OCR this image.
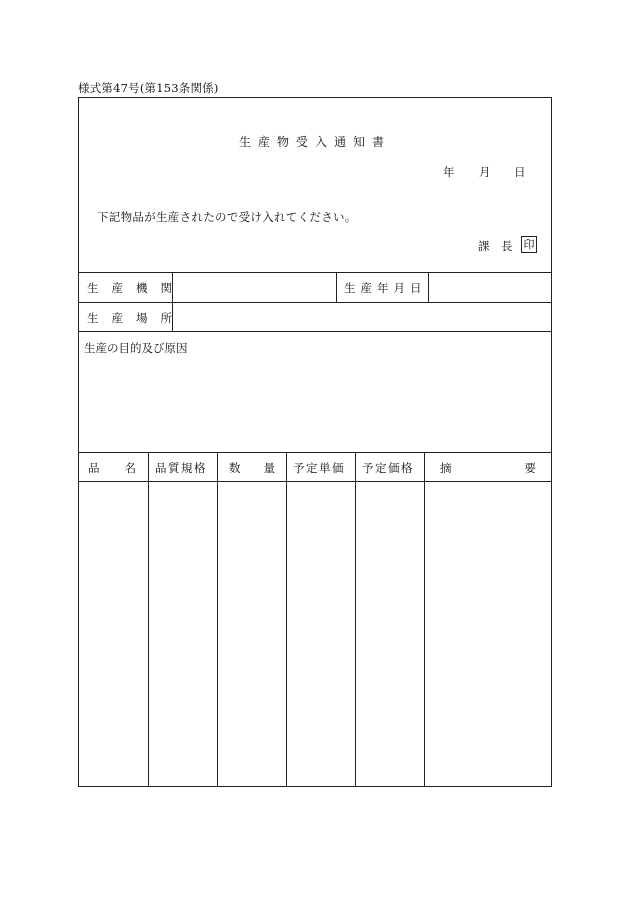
様式第47号(第153条関係)
生産物受入通知書
年 月 日
下記物品が生産されたので受け入れてください。
課　長 印
生産機関	生産年月日
生産場所
生産の目的及び原因
品 名 品質規格 数 量 予定単価 予定価格 摘	要
